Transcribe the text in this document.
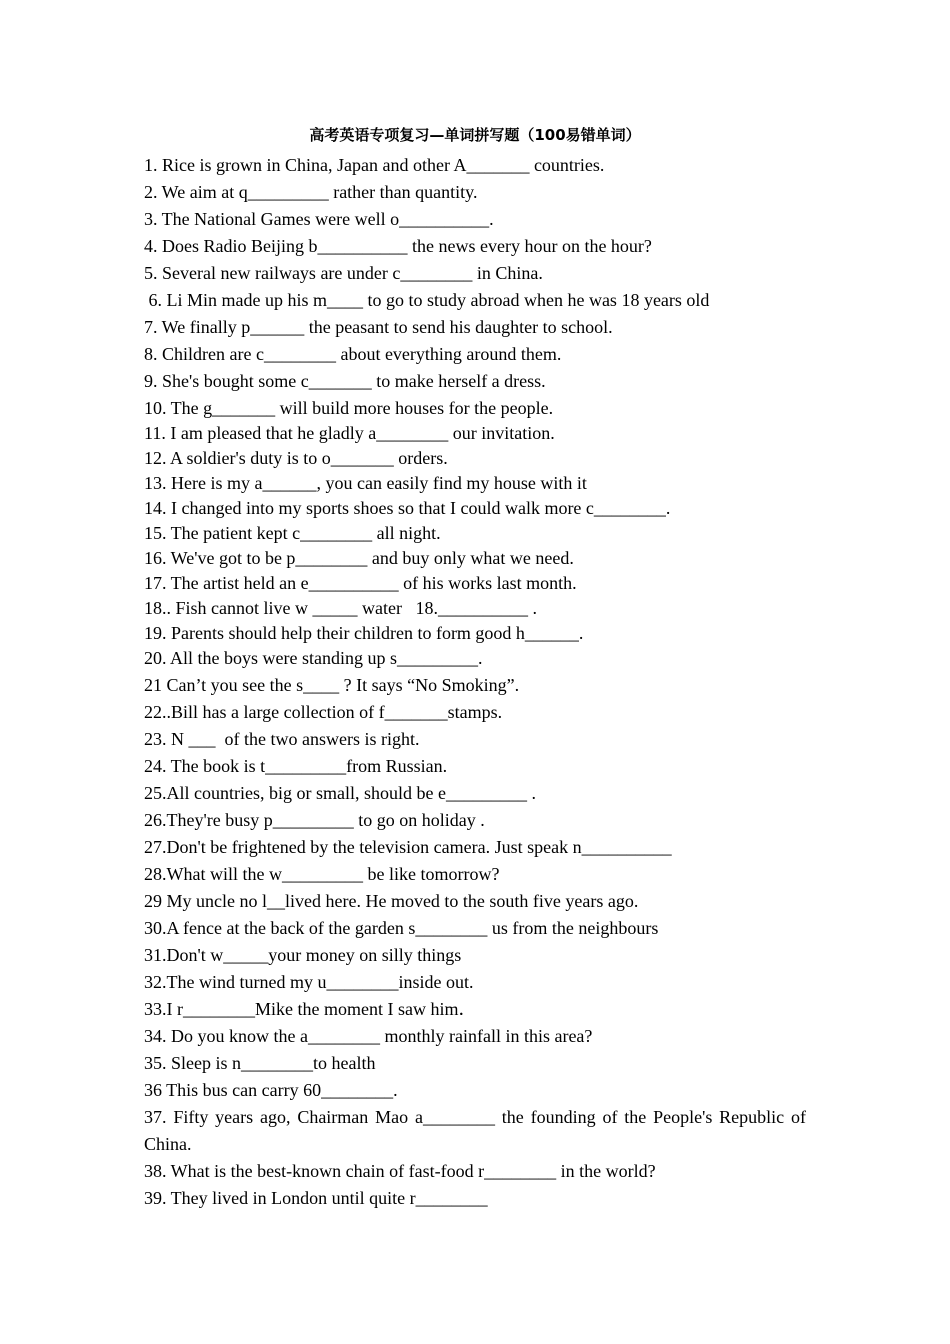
高考英语专项复习—单词拼写题（100易错单词）
1. Rice is grown in China, Japan and other A_______ countries.
2. We aim at q_________ rather than quantity.
3. The National Games were well o__________.
4. Does Radio Beijing b__________ the news every hour on the hour?
5. Several new railways are under c________ in China.
6. Li Min made up his m____ to go to study abroad when he was 18 years old
7. We finally p______ the peasant to send his daughter to school.
8. Children are c________ about everything around them.
9. She's bought some c_______ to make herself a dress.
10. The g_______ will build more houses for the people.
11. I am pleased that he gladly a________ our invitation.
12. A soldier's duty is to o_______ orders.
13. Here is my a______, you can easily find my house with it
14. I changed into my sports shoes so that I could walk more c________.
15. The patient kept c________ all night.
16. We've got to be p________ and buy only what we need.
17. The artist held an e__________ of his works last month.
18.. Fish cannot live w _____ water   18.__________ .
19. Parents should help their children to form good h______.
20. All the boys were standing up s_________.
21 Can’t you see the s____ ? It says “No Smoking”.
22..Bill has a large collection of f_______stamps.
23. N ___  of the two answers is right.
24. The book is t_________from Russian.
25.All countries, big or small, should be e_________ .
26.They're busy p_________ to go on holiday .
27.Don't be frightened by the television camera. Just speak n__________
28.What will the w_________ be like tomorrow?
29 My uncle no l__lived here. He moved to the south five years ago.
30.A fence at the back of the garden s________ us from the neighbours
31.Don't w_____your money on silly things
32.The wind turned my u________inside out.
33.I r________Mike the moment I saw him．
34. Do you know the a________ monthly rainfall in this area?
35. Sleep is n________to health
36 This bus can carry 60________.
37. Fifty years ago, Chairman Mao a________ the founding of the People's Republic of China.
38. What is the best-known chain of fast-food r________ in the world?
39. They lived in London until quite r________
